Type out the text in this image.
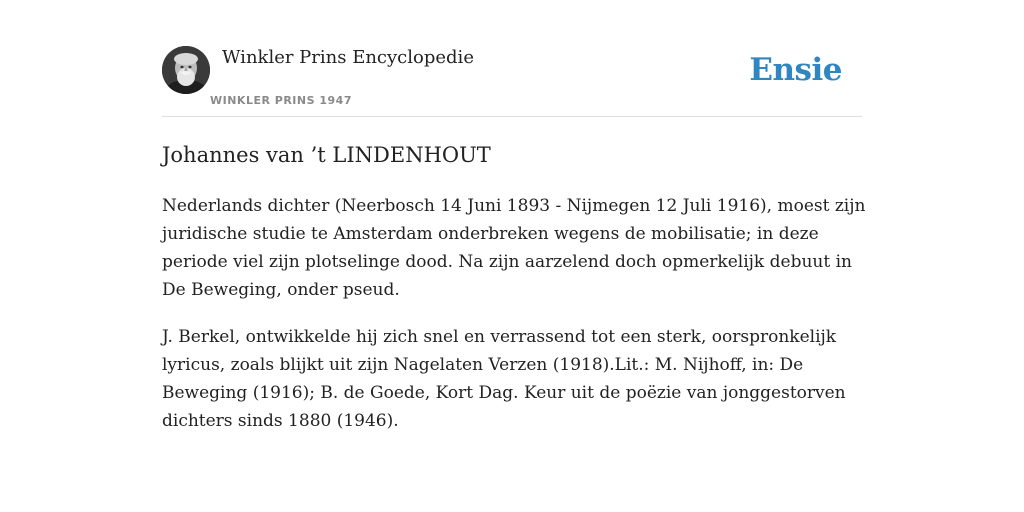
Winkler Prins Encyclopedie
WINKLER PRINS 1947
Ensie
Johannes van ’t LINDENHOUT

Nederlands dichter (Neerbosch 14 Juni 1893 - Nijmegen 12 Juli 1916), moest zijn
juridische studie te Amsterdam onderbreken wegens de mobilisatie; in deze
periode viel zijn plotselinge dood. Na zijn aarzelend doch opmerkelijk debuut in
De Beweging, onder pseud.

J. Berkel, ontwikkelde hij zich snel en verrassend tot een sterk, oorspronkelijk
lyricus, zoals blijkt uit zijn Nagelaten Verzen (1918).Lit.: M. Nijhoff, in: De
Beweging (1916); B. de Goede, Kort Dag. Keur uit de poëzie van jonggestorven
dichters sinds 1880 (1946).
